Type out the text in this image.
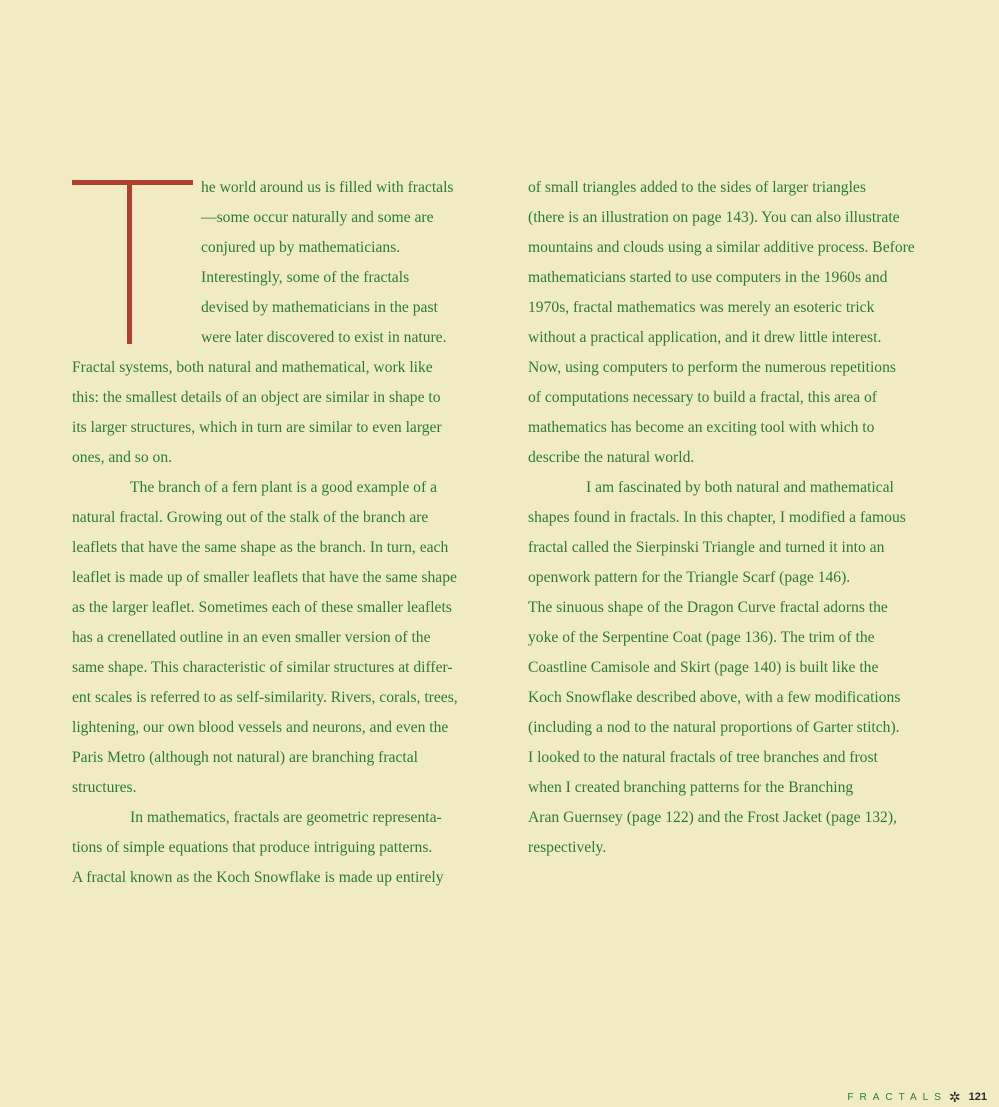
he world around us is filled with fractals
—some occur naturally and some are
conjured up by mathematicians.
Interestingly, some of the fractals
devised by mathematicians in the past
were later discovered to exist in nature.
Fractal systems, both natural and mathematical, work like
this: the smallest details of an object are similar in shape to
its larger structures, which in turn are similar to even larger
ones, and so on.
The branch of a fern plant is a good example of a
natural fractal. Growing out of the stalk of the branch are
leaflets that have the same shape as the branch. In turn, each
leaflet is made up of smaller leaflets that have the same shape
as the larger leaflet. Sometimes each of these smaller leaflets
has a crenellated outline in an even smaller version of the
same shape. This characteristic of similar structures at differ-
ent scales is referred to as self-similarity. Rivers, corals, trees,
lightening, our own blood vessels and neurons, and even the
Paris Metro (although not natural) are branching fractal
structures.
In mathematics, fractals are geometric representa-
tions of simple equations that produce intriguing patterns.
A fractal known as the Koch Snowflake is made up entirely
of small triangles added to the sides of larger triangles
(there is an illustration on page 143). You can also illustrate
mountains and clouds using a similar additive process. Before
mathematicians started to use computers in the 1960s and
1970s, fractal mathematics was merely an esoteric trick
without a practical application, and it drew little interest.
Now, using computers to perform the numerous repetitions
of computations necessary to build a fractal, this area of
mathematics has become an exciting tool with which to
describe the natural world.
I am fascinated by both natural and mathematical
shapes found in fractals. In this chapter, I modified a famous
fractal called the Sierpinski Triangle and turned it into an
openwork pattern for the Triangle Scarf (page 146).
The sinuous shape of the Dragon Curve fractal adorns the
yoke of the Serpentine Coat (page 136). The trim of the
Coastline Camisole and Skirt (page 140) is built like the
Koch Snowflake described above, with a few modifications
(including a nod to the natural proportions of Garter stitch).
I looked to the natural fractals of tree branches and frost
when I created branching patterns for the Branching
Aran Guernsey (page 122) and the Frost Jacket (page 132),
respectively.
FRACTALS ✲ 121
